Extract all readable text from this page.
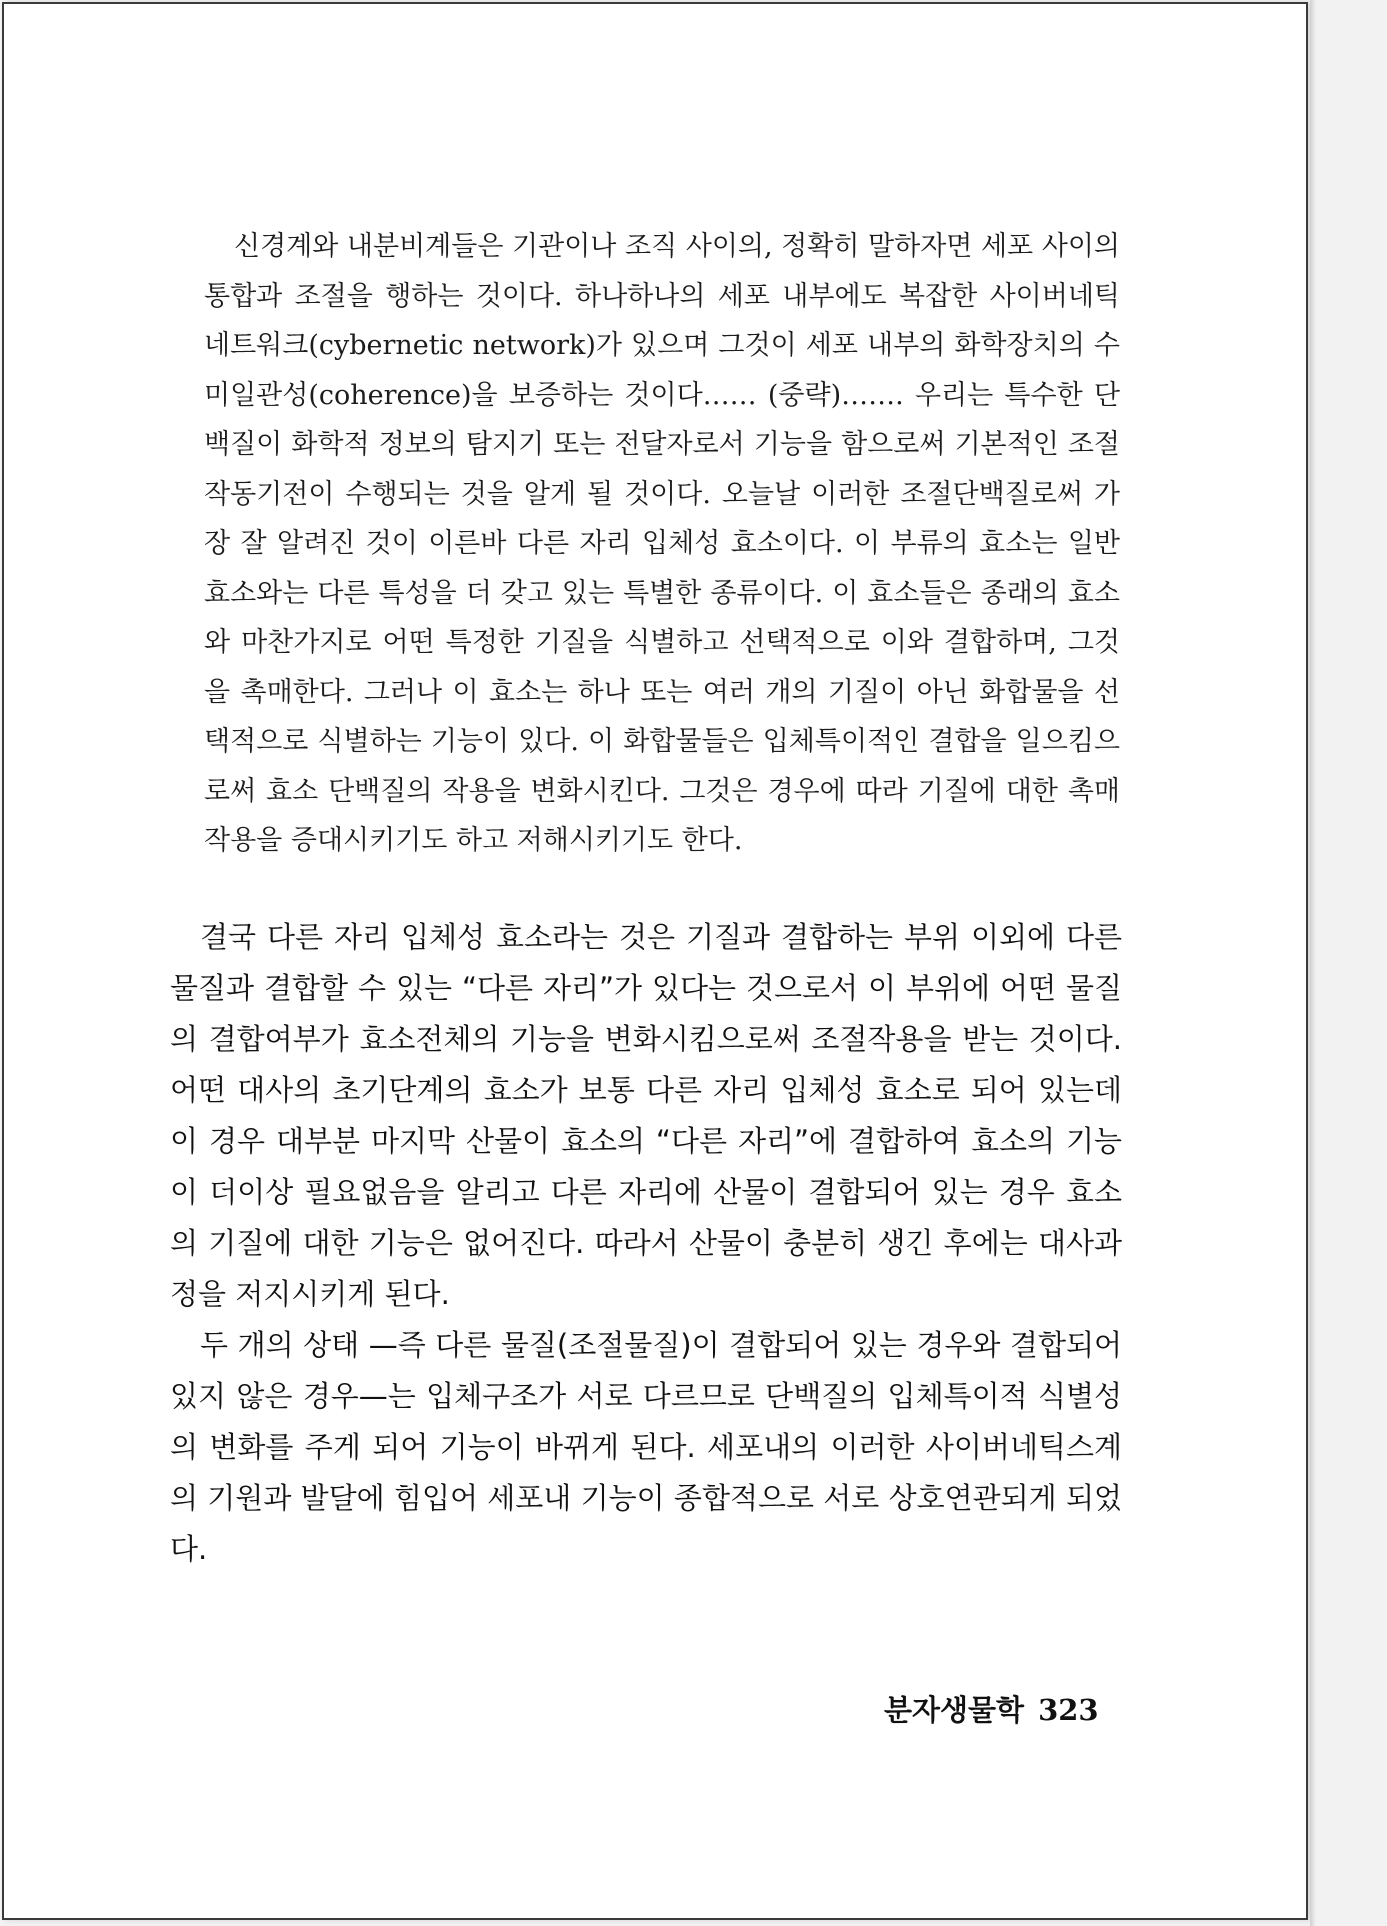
신경계와 내분비계들은 기관이나 조직 사이의, 정확히 말하자면 세포 사이의 통합과 조절을 행하는 것이다. 하나하나의 세포 내부에도 복잡한 사이버네틱 네트워크(cybernetic network)가 있으며 그것이 세포 내부의 화학장치의 수미일관성(coherence)을 보증하는 것이다…… (중략)……. 우리는 특수한 단백질이 화학적 정보의 탐지기 또는 전달자로서 기능을 함으로써 기본적인 조절작동기전이 수행되는 것을 알게 될 것이다. 오늘날 이러한 조절단백질로써 가장 잘 알려진 것이 이른바 다른 자리 입체성 효소이다. 이 부류의 효소는 일반 효소와는 다른 특성을 더 갖고 있는 특별한 종류이다. 이 효소들은 종래의 효소와 마찬가지로 어떤 특정한 기질을 식별하고 선택적으로 이와 결합하며, 그것을 촉매한다. 그러나 이 효소는 하나 또는 여러 개의 기질이 아닌 화합물을 선택적으로 식별하는 기능이 있다. 이 화합물들은 입체특이적인 결합을 일으킴으로써 효소 단백질의 작용을 변화시킨다. 그것은 경우에 따라 기질에 대한 촉매작용을 증대시키기도 하고 저해시키기도 한다.

결국 다른 자리 입체성 효소라는 것은 기질과 결합하는 부위 이외에 다른 물질과 결합할 수 있는 “다른 자리”가 있다는 것으로서 이 부위에 어떤 물질의 결합여부가 효소전체의 기능을 변화시킴으로써 조절작용을 받는 것이다. 어떤 대사의 초기단계의 효소가 보통 다른 자리 입체성 효소로 되어 있는데 이 경우 대부분 마지막 산물이 효소의 “다른 자리”에 결합하여 효소의 기능이 더이상 필요없음을 알리고 다른 자리에 산물이 결합되어 있는 경우 효소의 기질에 대한 기능은 없어진다. 따라서 산물이 충분히 생긴 후에는 대사과정을 저지시키게 된다.

두 개의 상태 —즉 다른 물질(조절물질)이 결합되어 있는 경우와 결합되어 있지 않은 경우—는 입체구조가 서로 다르므로 단백질의 입체특이적 식별성의 변화를 주게 되어 기능이 바뀌게 된다. 세포내의 이러한 사이버네틱스계의 기원과 발달에 힘입어 세포내 기능이 종합적으로 서로 상호연관되게 되었다.

분자생물학 323
